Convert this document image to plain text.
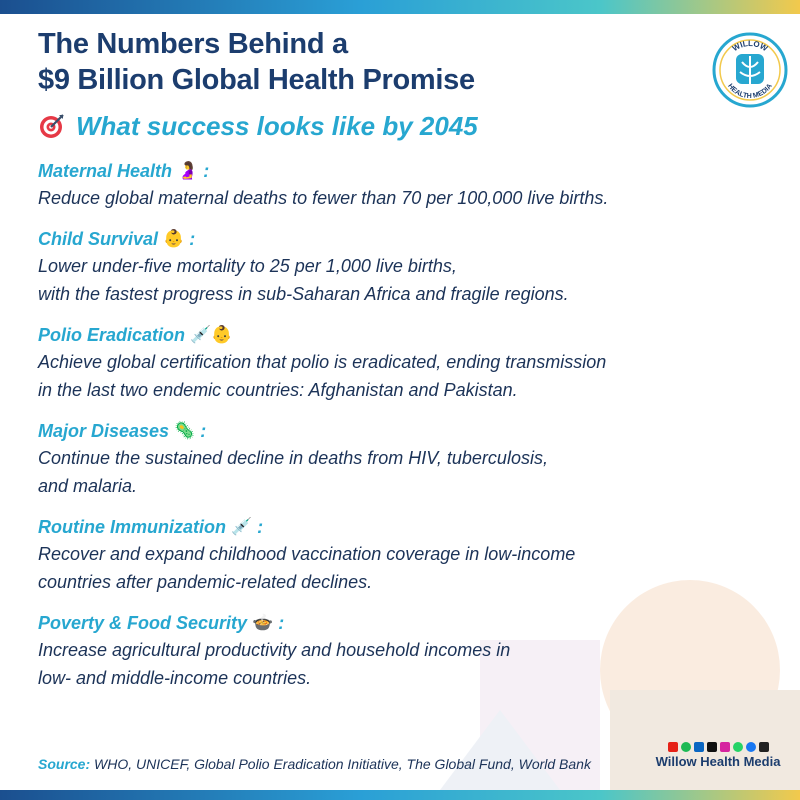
The Numbers Behind a
$9 Billion Global Health Promise
What success looks like by 2045
WILLOW
HEALTH MEDIA
Maternal Health 🤰 :
Reduce global maternal deaths to fewer than 70 per 100,000 live births.
Child Survival 👶 :
Lower under-five mortality to 25 per 1,000 live births,
with the fastest progress in sub-Saharan Africa and fragile regions.
Polio Eradication 💉👶
Achieve global certification that polio is eradicated, ending transmission
in the last two endemic countries: Afghanistan and Pakistan.
Major Diseases 🦠 :
Continue the sustained decline in deaths from HIV, tuberculosis,
and malaria.
Routine Immunization 💉 :
Recover and expand childhood vaccination coverage in low-income
countries after pandemic-related declines.
Poverty & Food Security 🍲 :
Increase agricultural productivity and household incomes in
low- and middle-income countries.
Source: WHO, UNICEF, Global Polio Eradication Initiative, The Global Fund, World Bank	Willow Health Media
